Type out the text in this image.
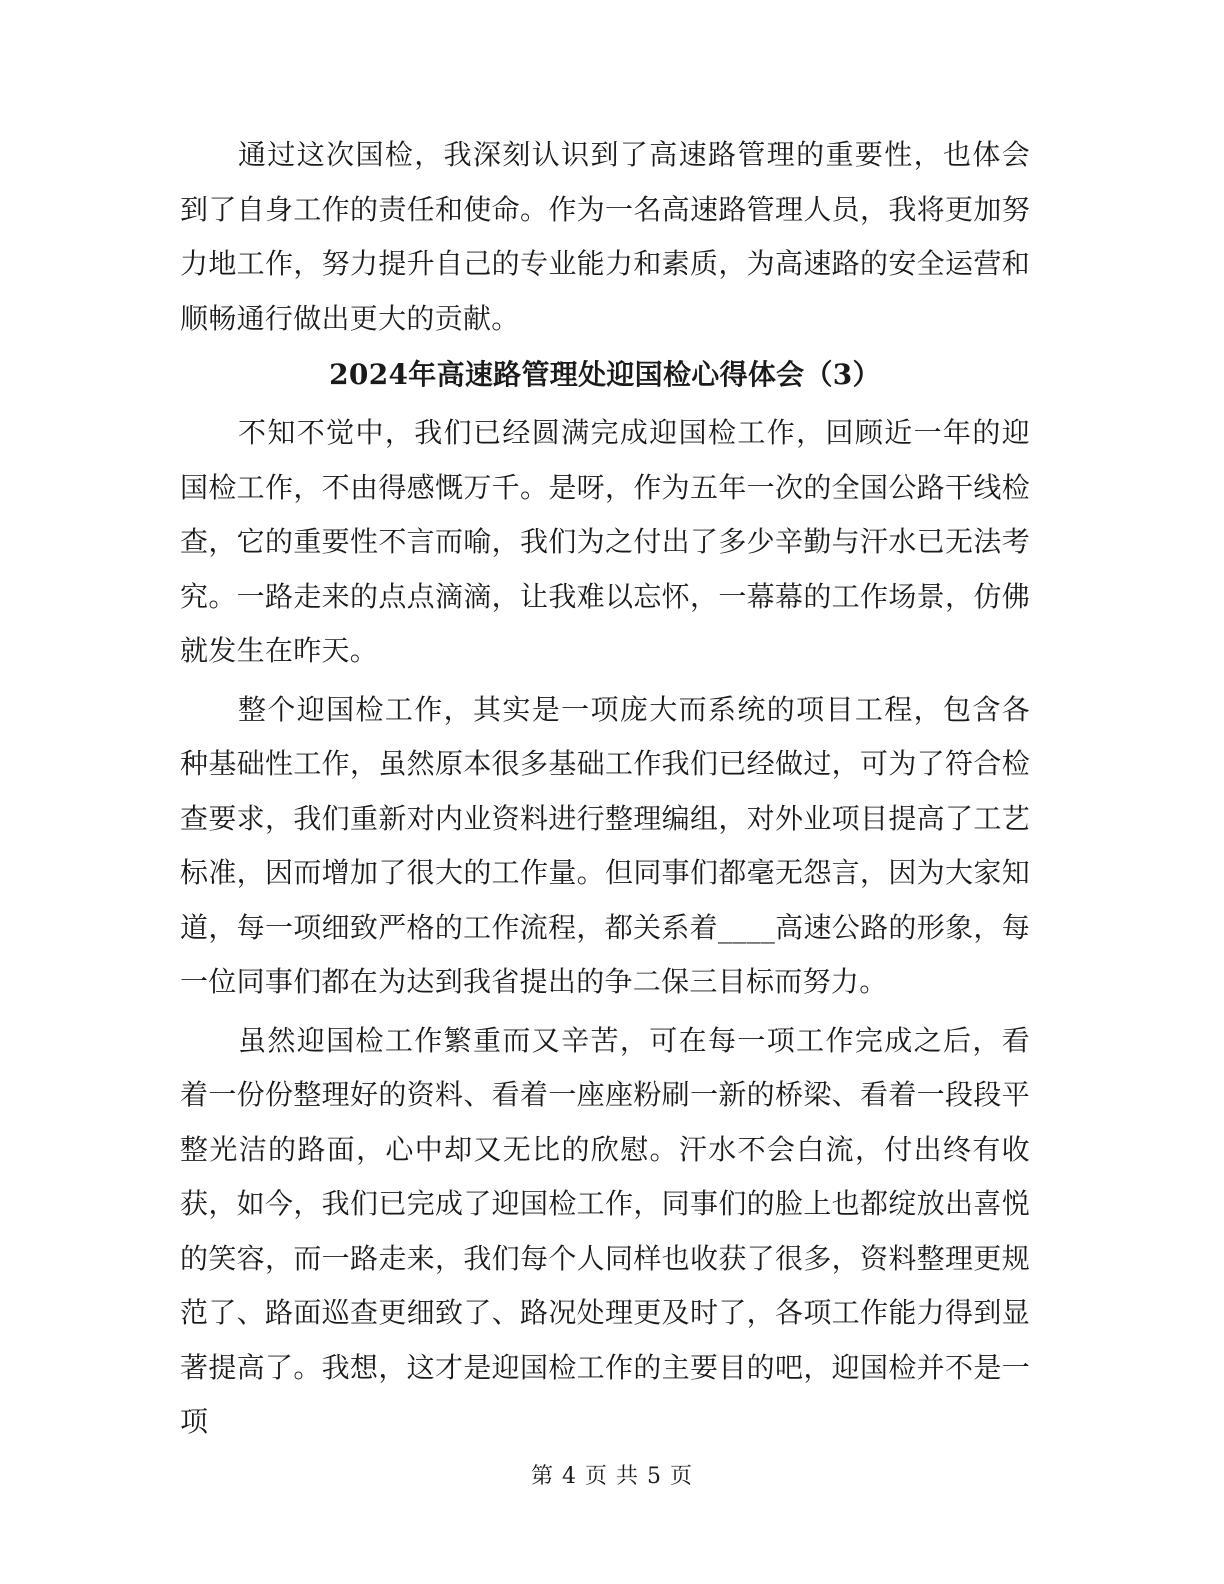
通过这次国检，我深刻认识到了高速路管理的重要性，也体会到了自身工作的责任和使命。作为一名高速路管理人员，我将更加努力地工作，努力提升自己的专业能力和素质，为高速路的安全运营和顺畅通行做出更大的贡献。

2024年高速路管理处迎国检心得体会（3）

不知不觉中，我们已经圆满完成迎国检工作，回顾近一年的迎国检工作，不由得感慨万千。是呀，作为五年一次的全国公路干线检查，它的重要性不言而喻，我们为之付出了多少辛勤与汗水已无法考究。一路走来的点点滴滴，让我难以忘怀，一幕幕的工作场景，仿佛就发生在昨天。

整个迎国检工作，其实是一项庞大而系统的项目工程，包含各种基础性工作，虽然原本很多基础工作我们已经做过，可为了符合检查要求，我们重新对内业资料进行整理编组，对外业项目提高了工艺标准，因而增加了很大的工作量。但同事们都毫无怨言，因为大家知道，每一项细致严格的工作流程，都关系着____高速公路的形象，每一位同事们都在为达到我省提出的争二保三目标而努力。

虽然迎国检工作繁重而又辛苦，可在每一项工作完成之后，看着一份份整理好的资料、看着一座座粉刷一新的桥梁、看着一段段平整光洁的路面，心中却又无比的欣慰。汗水不会白流，付出终有收获，如今，我们已完成了迎国检工作，同事们的脸上也都绽放出喜悦的笑容，而一路走来，我们每个人同样也收获了很多，资料整理更规范了、路面巡查更细致了、路况处理更及时了，各项工作能力得到显著提高了。我想，这才是迎国检工作的主要目的吧，迎国检并不是一项

第 4 页 共 5 页
